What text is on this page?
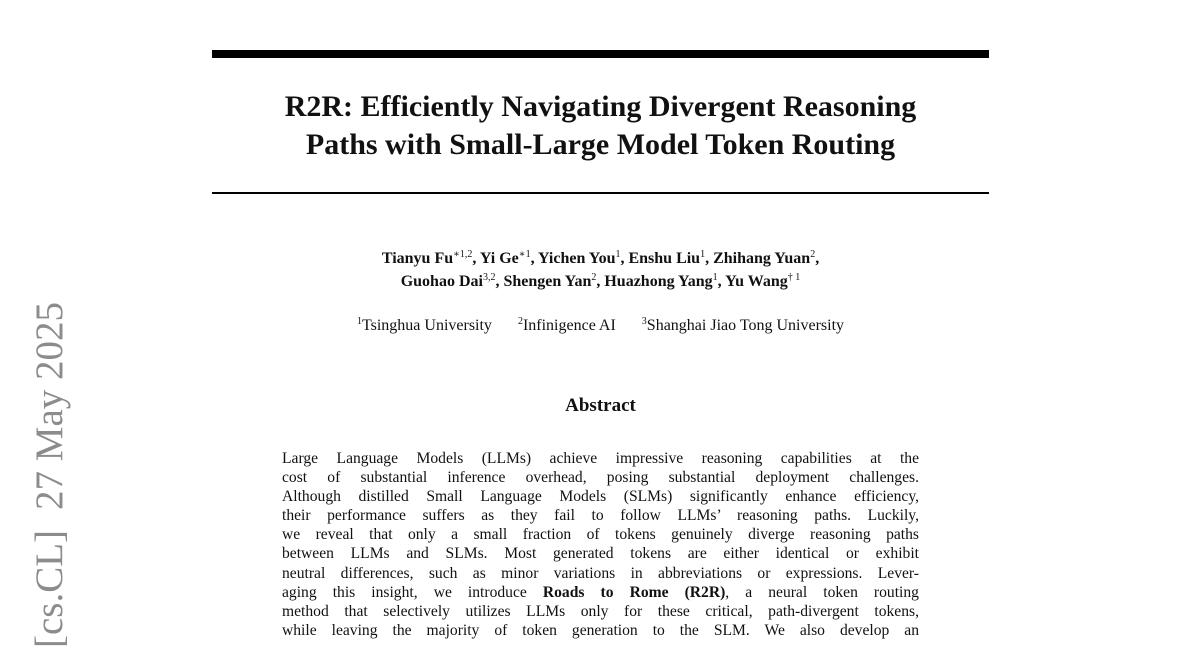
R2R: Efficiently Navigating Divergent Reasoning
Paths with Small-Large Model Token Routing
Tianyu $Fu^{∗1,2}$, Yi $Ge^{∗1}$, Yichen You$^1$, Enshu Liu$^1$, Zhihang Yuan$^2$,
Guohao Dai$^{3,2}$, Shengen Yan$^2$, Huazhong Yang$^1$, Yu Wang$^{\dagger 1}$
$^1$Tsinghua University	$^2$Infinigence AI	$^3$Shanghai Jiao Tong University
Abstract
Large Language Models (LLMs) achieve impressive reasoning capabilities at the
cost of substantial inference overhead, posing substantial deployment challenges.
Although distilled Small Language Models (SLMs) significantly enhance efficiency,
their performance suffers as they fail to follow LLMs’ reasoning paths. Luckily,
we reveal that only a small fraction of tokens genuinely diverge reasoning paths
between LLMs and SLMs. Most generated tokens are either identical or exhibit
neutral differences, such as minor variations in abbreviations or expressions. Lever-
aging this insight, we introduce Roads to Rome (R2R), a neural token routing
method that selectively utilizes LLMs only for these critical, path-divergent tokens,
while leaving the majority of token generation to the SLM. We also develop an
[cs.CL]27 May 2025
